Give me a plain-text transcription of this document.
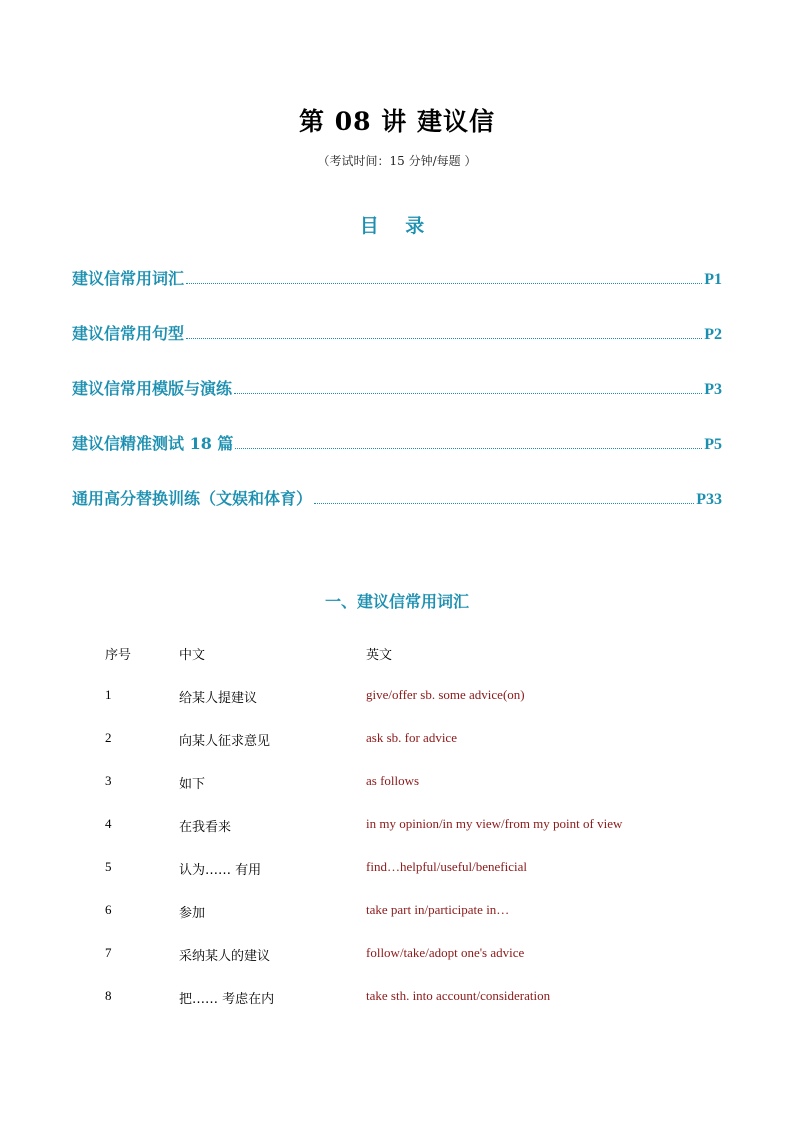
第 08 讲 建议信
（考试时间：15 分钟/每题 ）
目 录
建议信常用词汇	P1
建议信常用句型	P2
建议信常用模版与演练	P3
建议信精准测试 18 篇	P5
通用高分替换训练（文娱和体育）	P33
一、建议信常用词汇
序号	中文	英文
1	给某人提建议	give/offer sb. some advice(on)
2	向某人征求意见	ask sb. for advice
3	如下	as follows
4	在我看来	in my opinion/in my view/from my point of view
5	认为…… 有用	find…helpful/useful/beneficial
6	参加	take part in/participate in…
7	采纳某人的建议	follow/take/adopt one's advice
8	把…… 考虑在内	take sth. into account/consideration
